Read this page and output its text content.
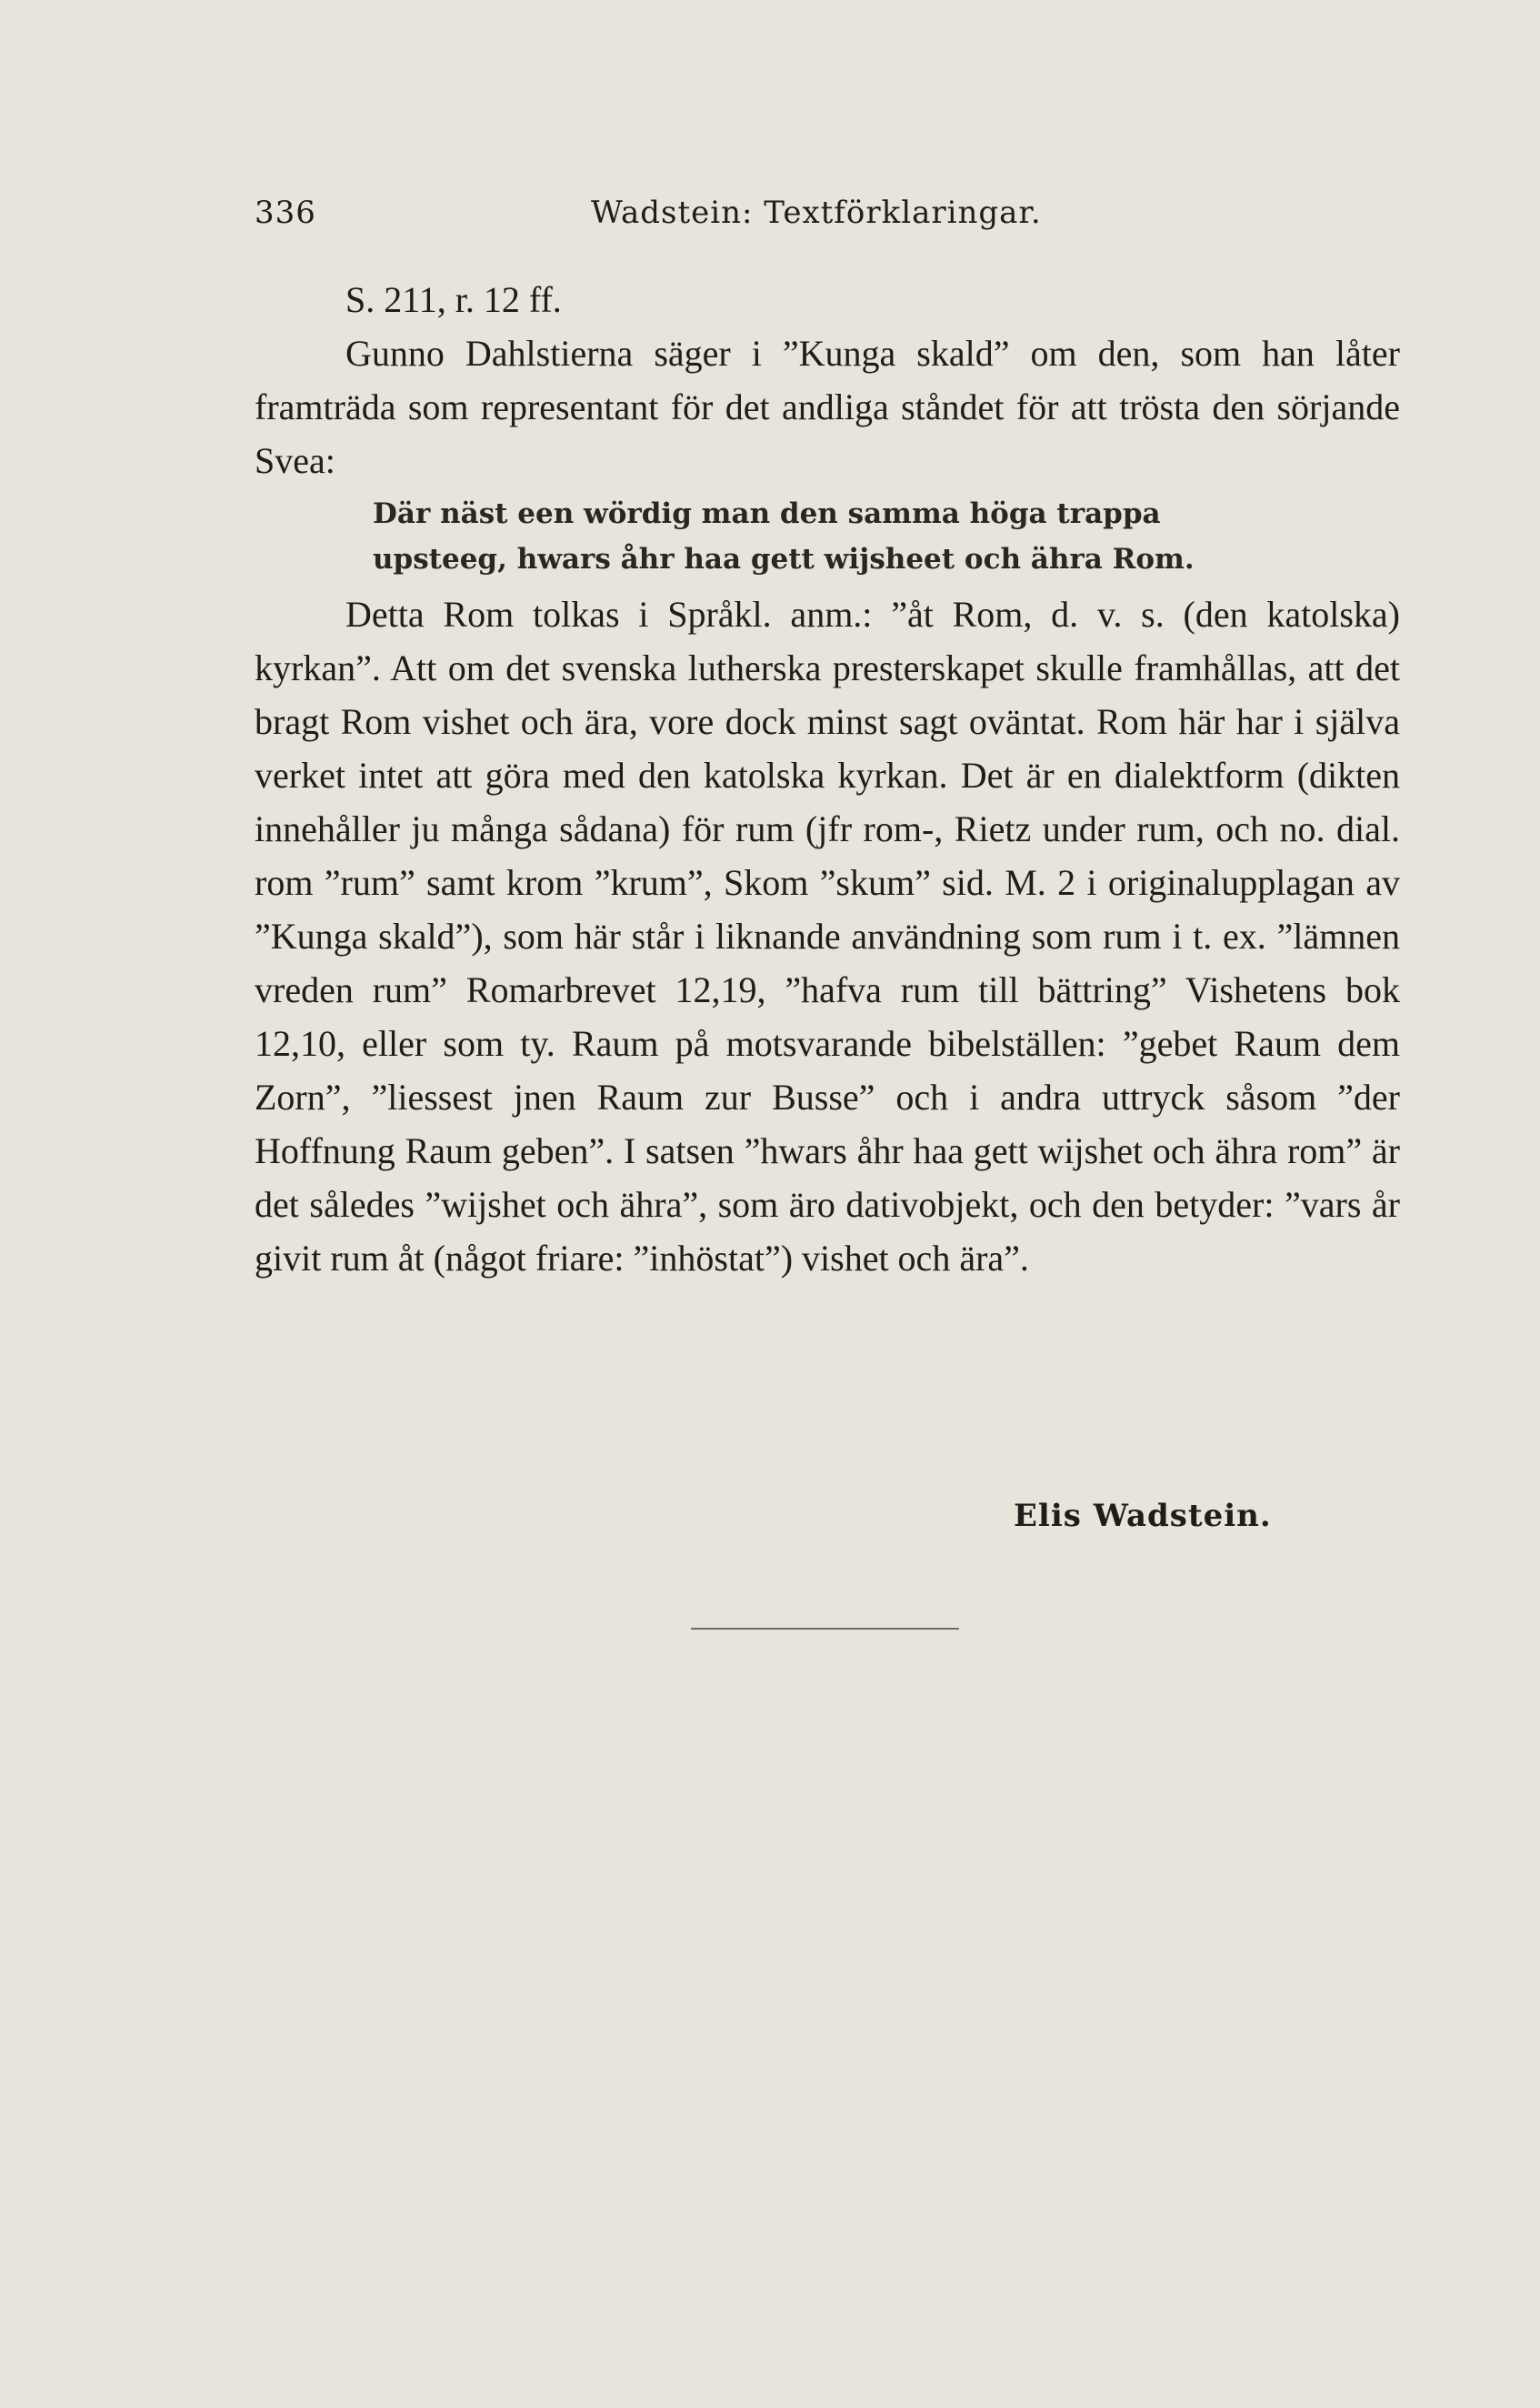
336	Wadstein: Textförklaringar.
S. 211, r. 12 ff.

Gunno Dahlstierna säger i ”Kunga skald” om den, som han låter framträda som representant för det andliga ståndet för att trösta den sörjande Svea:

Där näst een wördig man den samma höga trappa
upsteeg, hwars åhr haa gett wijsheet och ähra Rom.

Detta Rom tolkas i Språkl. anm.: ”åt Rom, d. v. s. (den katolska) kyrkan”. Att om det svenska lutherska presterskapet skulle framhållas, att det bragt Rom vishet och ära, vore dock minst sagt oväntat. Rom här har i själva verket intet att göra med den katolska kyrkan. Det är en dialektform (dikten innehåller ju många sådana) för rum (jfr rom-, Rietz under rum, och no. dial. rom ”rum” samt krom ”krum”, Skom ”skum” sid. M. 2 i originalupplagan av ”Kunga skald”), som här står i liknande användning som rum i t. ex. ”lämnen vreden rum” Romarbrevet 12,19, ”hafva rum till bättring” Vishetens bok 12,10, eller som ty. Raum på motsvarande bibelställen: ”gebet Raum dem Zorn”, ”liessest jnen Raum zur Busse” och i andra uttryck såsom ”der Hoffnung Raum geben”. I satsen ”hwars åhr haa gett wijshet och ähra rom” är det således ”wijshet och ähra”, som äro dativobjekt, och den betyder: ”vars år givit rum åt (något friare: ”inhöstat”) vishet och ära”.

Elis Wadstein.
